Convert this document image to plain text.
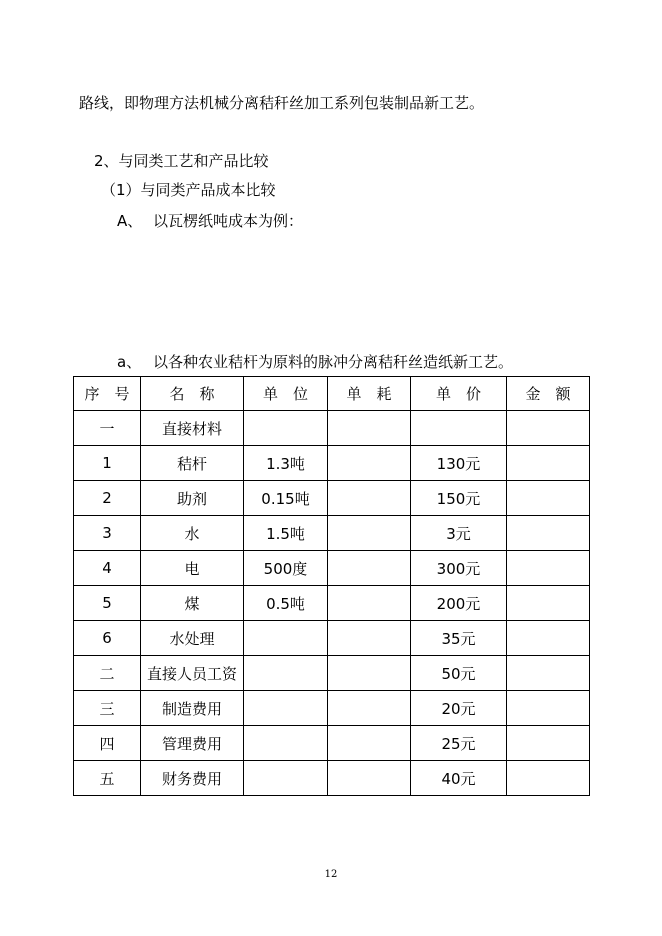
路线，即物理方法机械分离秸秆丝加工系列包装制品新工艺。
2、与同类工艺和产品比较
（1）与同类产品成本比较
A、 以瓦楞纸吨成本为例：
a、 以各种农业秸杆为原料的脉冲分离秸秆丝造纸新工艺。
序　号	名　称	单　位	单　耗	单　价	金　额
一	直接材料				
1	秸杆	1.3吨		130元	
2	助剂	0.15吨		150元	
3	水	1.5吨		3元	
4	电	500度		300元	
5	煤	0.5吨		200元	
6	水处理			35元	
二	直接人员工资			50元	
三	制造费用			20元	
四	管理费用			25元	
五	财务费用			40元	
12
